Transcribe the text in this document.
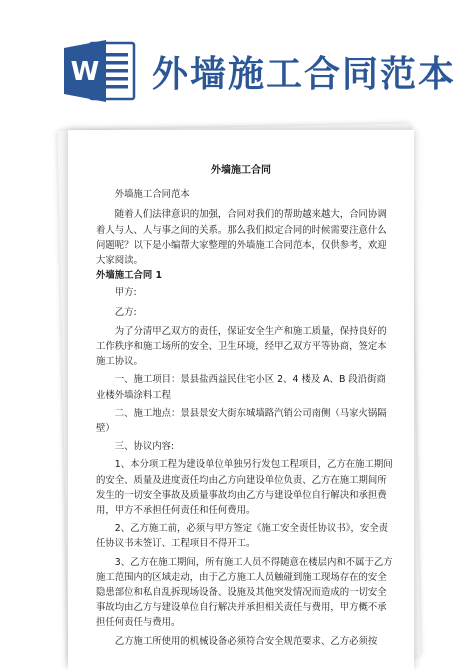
W 外墙施工合同范本
外墙施工合同

外墙施工合同范本

随着人们法律意识的加强，合同对我们的帮助越来越大，合同协调着人与人、人与事之间的关系。那么我们拟定合同的时候需要注意什么问题呢？以下是小编帮大家整理的外墙施工合同范本，仅供参考，欢迎大家阅读。

外墙施工合同 1

甲方:

乙方:

为了分清甲乙双方的责任，保证安全生产和施工质量，保持良好的工作秩序和施工场所的安全、卫生环境，经甲乙双方平等协商，签定本施工协议。

一、施工项目：景县盐西益民住宅小区 2、4 楼及 A、B 段沿街商业楼外墙涂料工程

二、施工地点：景县景安大街东城墙路汽销公司南侧（马家火锅隔壁）

三、协议内容:

1、本分项工程为建设单位单独另行发包工程项目，乙方在施工期间的安全、质量及进度责任均由乙方向建设单位负责、乙方在施工期间所发生的一切安全事故及质量事故均由乙方与建设单位自行解决和承担费用，甲方不承担任何责任和任何费用。

2、乙方施工前，必须与甲方签定《施工安全责任协议书》，安全责任协议书未签订、工程项目不得开工。

3、乙方在施工期间，所有施工人员不得随意在楼层内和不属于乙方施工范围内的区域走动，由于乙方施工人员触碰到施工现场存在的安全隐患部位和私自乱拆现场设备、设施及其他突发情况而造成的一切安全事故均由乙方与建设单位自行解决并承担相关责任与费用，甲方概不承担任何责任与费用。

乙方施工所使用的机械设备必须符合安全规范要求、乙方必须按
